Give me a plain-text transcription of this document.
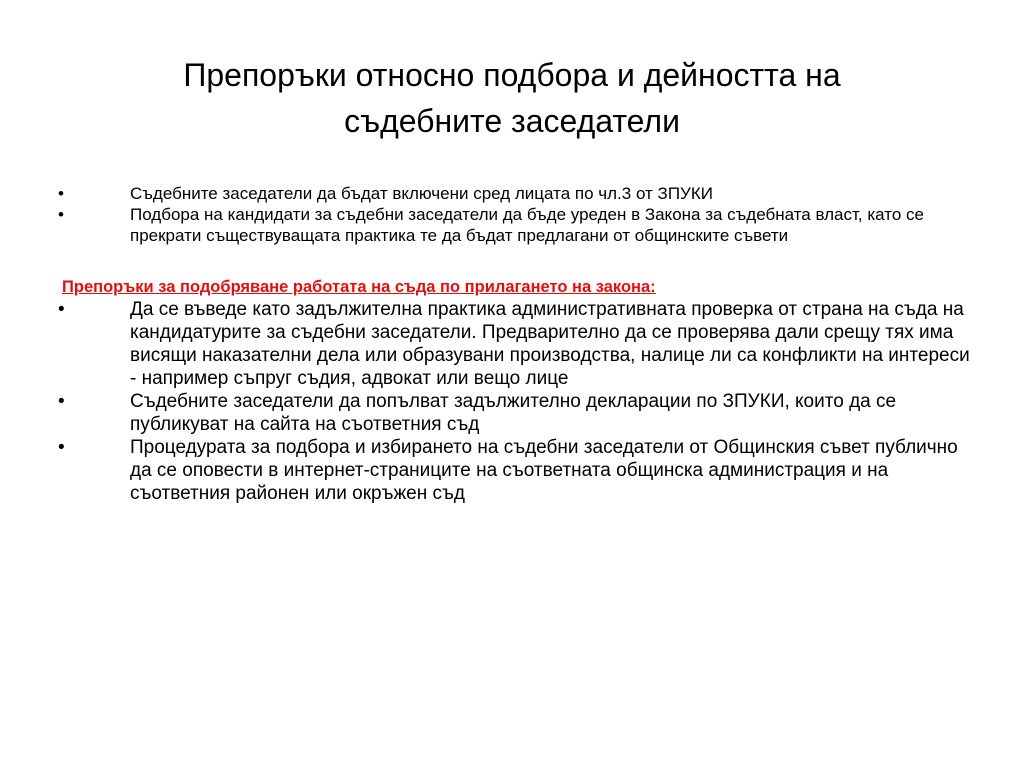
Препоръки относно подбора и дейността на
съдебните заседатели
•	Съдебните заседатели да бъдат включени сред лицата по чл.3 от ЗПУКИ
•	Подбора на кандидати за съдебни заседатели да бъде уреден в Закона за съдебната власт, като се прекрати съществуващата практика те да бъдат предлагани от общинските съвети
Препоръки за подобряване работата на съда по прилагането на закона:
•	Да се въведе като задължителна практика административната проверка от страна на съда на кандидатурите за съдебни заседатели. Предварително да се проверява дали срещу тях има висящи наказателни дела или образувани производства, налице ли са конфликти на интереси - например съпруг съдия, адвокат или вещо лице
•	Съдебните заседатели да попълват задължително декларации по ЗПУКИ, които да се публикуват на сайта на съответния съд
•	Процедурата за подбора и избирането на съдебни заседатели от Общинския съвет публично да се оповести в интернет-страниците на съответната общинска администрация и на съответния районен или окръжен съд
